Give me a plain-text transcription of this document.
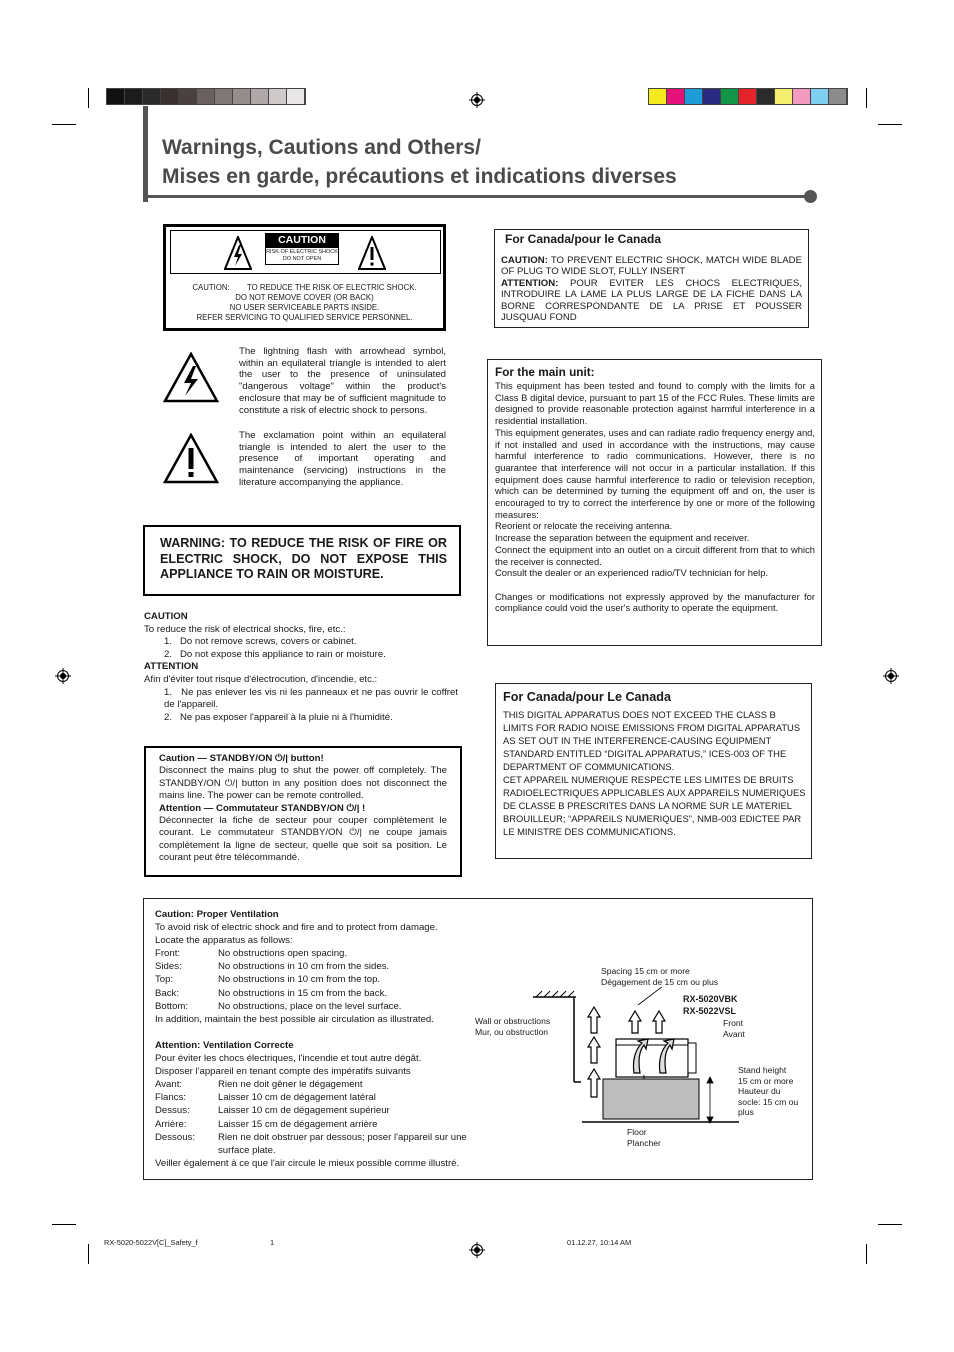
Warnings, Cautions and Others/
Mises en garde, précautions et indications diverses
CAUTION
RISK OF ELECTRIC SHOCK
DO NOT OPEN
CAUTION: TO REDUCE THE RISK OF ELECTRIC SHOCK.
DO NOT REMOVE COVER (OR BACK)
NO USER SERVICEABLE PARTS INSIDE.
REFER SERVICING TO QUALIFIED SERVICE PERSONNEL.
The lightning flash with arrowhead symbol, within an equilateral triangle is intended to alert the user to the presence of uninsulated "dangerous voltage" within the product's enclosure that may be of sufficient magnitude to constitute a risk of electric shock to persons.
The exclamation point within an equilateral triangle is intended to alert the user to the presence of important operating and maintenance (servicing) instructions in the literature accompanying the appliance.
WARNING: TO REDUCE THE RISK OF FIRE OR ELECTRIC SHOCK, DO NOT EXPOSE THIS APPLIANCE TO RAIN OR MOISTURE.
CAUTION
To reduce the risk of electrical shocks, fire, etc.:
1.   Do not remove screws, covers or cabinet.
2.   Do not expose this appliance to rain or moisture.
ATTENTION
Afin d'éviter tout risque d'électrocution, d'incendie, etc.:
1.   Ne pas enlever les vis ni les panneaux et ne pas ouvrir le coffret de l'appareil.
2.   Ne pas exposer l'appareil à la pluie ni à l'humidité.
Caution — STANDBY/ON ⏻/| button!
Disconnect the mains plug to shut the power off completely. The STANDBY/ON ⏻/| button in any position does not disconnect the mains line. The power can be remote controlled.
Attention — Commutateur STANDBY/ON ⏻/| !
Déconnecter la fiche de secteur pour couper complètement le courant. Le commutateur STANDBY/ON ⏻/| ne coupe jamais complètement la ligne de secteur, quelle que soit sa position. Le courant peut être télécommandé.
For Canada/pour le Canada
CAUTION: TO PREVENT ELECTRIC SHOCK, MATCH WIDE BLADE OF PLUG TO WIDE SLOT, FULLY INSERT
ATTENTION: POUR EVITER LES CHOCS ELECTRIQUES, INTRODUIRE LA LAME LA PLUS LARGE DE LA FICHE DANS LA BORNE CORRESPONDANTE DE LA PRISE ET POUSSER JUSQUAU FOND
For the main unit:

This equipment has been tested and found to comply with the limits for a Class B digital device, pursuant to part 15 of the FCC Rules. These limits are designed to provide reasonable protection against harmful interference in a residential installation.

This equipment generates, uses and can radiate radio frequency energy and, if not installed and used in accordance with the instructions, may cause harmful interference to radio communications. However, there is no guarantee that interference will not occur in a particular installation. If this equipment does cause harmful interference to radio or television reception, which can be determined by turning the equipment off and on, the user is encouraged to try to correct the interference by one or more of the following measures:

Reorient or relocate the receiving antenna.

Increase the separation between the equipment and receiver.

Connect the equipment into an outlet on a circuit different from that to which the receiver is connected.

Consult the dealer or an experienced radio/TV technician for help.

Changes or modifications not expressly approved by the manufacturer for compliance could void the user's authority to operate the equipment.

For Canada/pour Le Canada
THIS DIGITAL APPARATUS DOES NOT EXCEED THE CLASS B LIMITS FOR RADIO NOISE EMISSIONS FROM DIGITAL APPARATUS AS SET OUT IN THE INTERFERENCE-CAUSING EQUIPMENT STANDARD ENTITLED “DIGITAL APPARATUS,” ICES-003 OF THE DEPARTMENT OF COMMUNICATIONS.
CET APPAREIL NUMERIQUE RESPECTE LES LIMITES DE BRUITS RADIOELECTRIQUES APPLICABLES AUX APPAREILS NUMERIQUES DE CLASSE B PRESCRITES DANS LA NORME SUR LE MATERIEL BROUILLEUR; “APPAREILS NUMERIQUES”, NMB-003 EDICTEE PAR LE MINISTRE DES COMMUNICATIONS.
Caution: Proper Ventilation
To avoid risk of electric shock and fire and to protect from damage.
Locate the apparatus as follows:
Front:	No obstructions open spacing.
Sides:	No obstructions in 10 cm from the sides.
Top:	No obstructions in 10 cm from the top.
Back:	No obstructions in 15 cm from the back.
Bottom:	No obstructions, place on the level surface.
In addition, maintain the best possible air circulation as illustrated.
Attention: Ventilation Correcte
Pour éviter les chocs électriques, l'incendie et tout autre dégât.
Disposer l'appareil en tenant compte des impératifs suivants
Avant:	Rien ne doit gêner le dégagement
Flancs:	Laisser 10 cm de dégagement latéral
Dessus:	Laisser 10 cm de dégagement supérieur
Arrière:	Laisser 15 cm de dégagement arrière
Dessous:	Rien ne doit obstruer par dessous; poser l'appareil sur une surface plate.
Veiller également à ce que l'air circule le mieux possible comme illustré.
Spacing 15 cm or more
Dégagement de 15 cm ou plus
RX-5020VBK
RX-5022VSL
Wall or obstructions
Mur, ou obstruction
Front
Avant
Stand height
15 cm or more
Hauteur du
socle: 15 cm ou
plus
Floor
Plancher
RX-5020-5022V[C]_Safety_f	1	01.12.27, 10:14 AM
